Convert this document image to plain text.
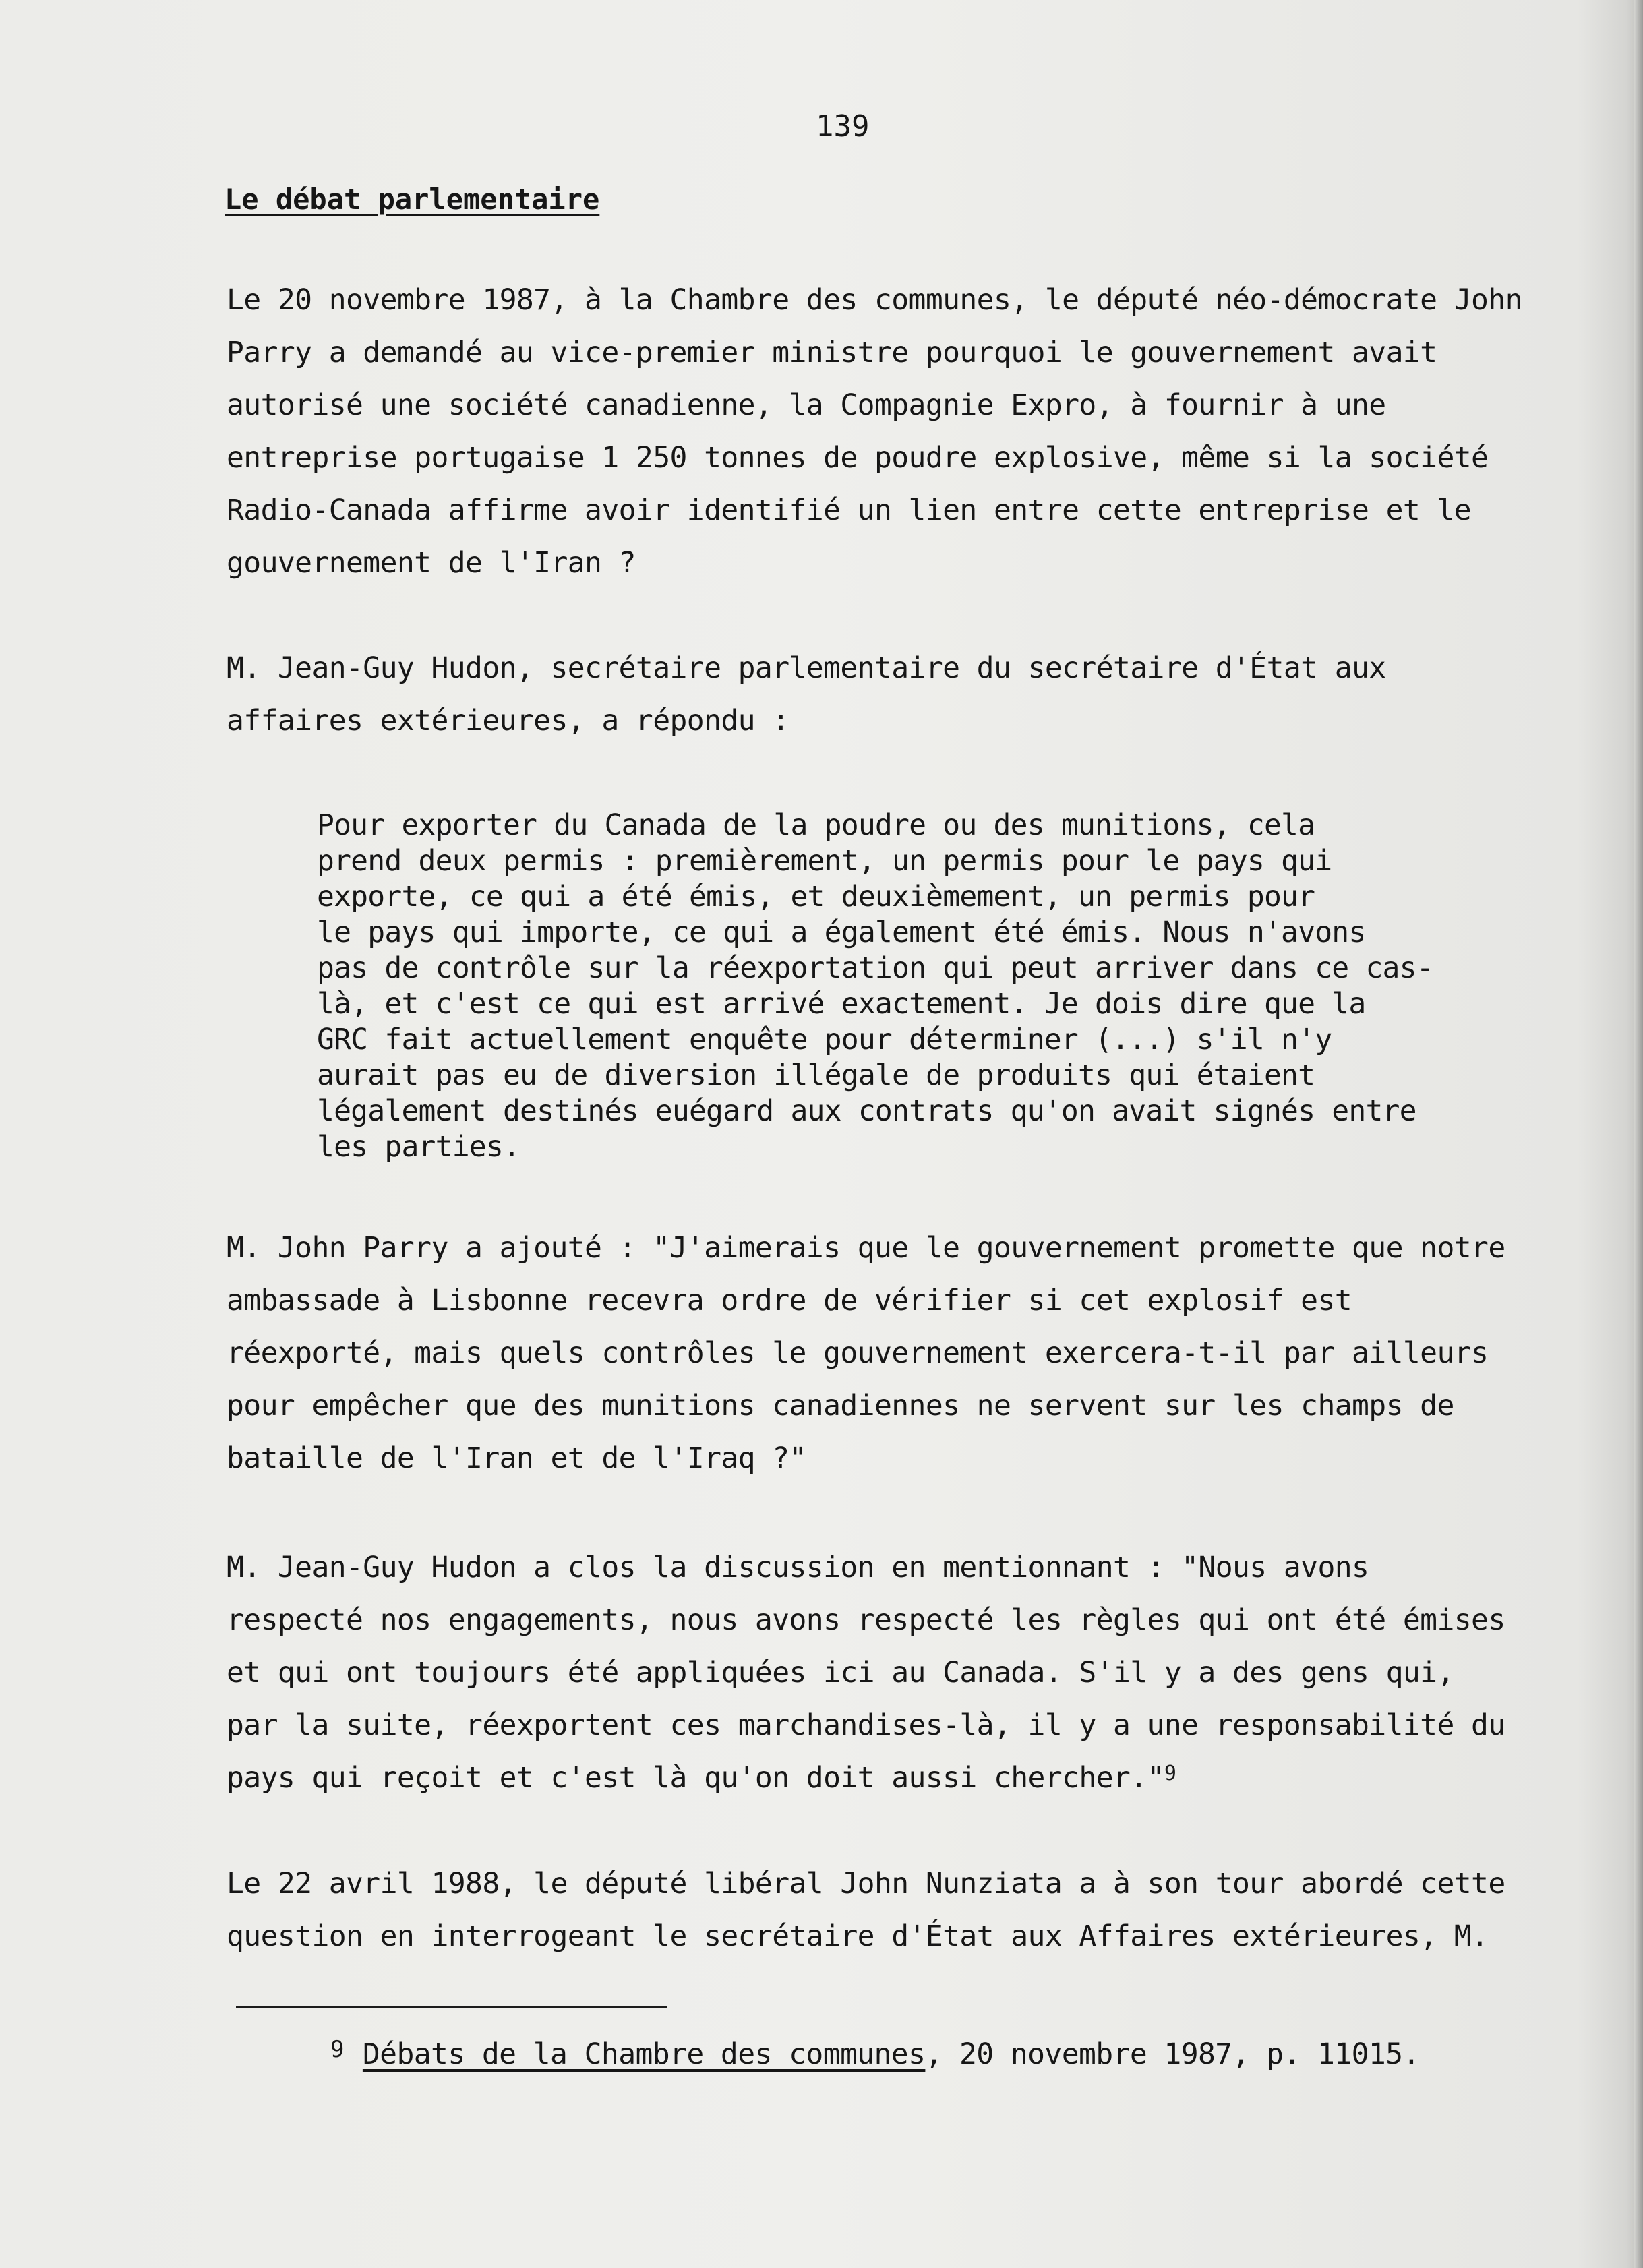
139
Le débat parlementaire
Le 20 novembre 1987, à la Chambre des communes, le député néo-démocrate John
Parry a demandé au vice-premier ministre pourquoi le gouvernement avait
autorisé une société canadienne, la Compagnie Expro, à fournir à une
entreprise portugaise 1 250 tonnes de poudre explosive, même si la société
Radio-Canada affirme avoir identifié un lien entre cette entreprise et le
gouvernement de l'Iran ?
M. Jean-Guy Hudon, secrétaire parlementaire du secrétaire d'État aux
affaires extérieures, a répondu :
Pour exporter du Canada de la poudre ou des munitions, cela
prend deux permis : premièrement, un permis pour le pays qui
exporte, ce qui a été émis, et deuxièmement, un permis pour
le pays qui importe, ce qui a également été émis. Nous n'avons
pas de contrôle sur la réexportation qui peut arriver dans ce cas-
là, et c'est ce qui est arrivé exactement. Je dois dire que la
GRC fait actuellement enquête pour déterminer (...) s'il n'y
aurait pas eu de diversion illégale de produits qui étaient
légalement destinés euégard aux contrats qu'on avait signés entre
les parties.
M. John Parry a ajouté : "J'aimerais que le gouvernement promette que notre
ambassade à Lisbonne recevra ordre de vérifier si cet explosif est
réexporté, mais quels contrôles le gouvernement exercera-t-il par ailleurs
pour empêcher que des munitions canadiennes ne servent sur les champs de
bataille de l'Iran et de l'Iraq ?"
M. Jean-Guy Hudon a clos la discussion en mentionnant : "Nous avons
respecté nos engagements, nous avons respecté les règles qui ont été émises
et qui ont toujours été appliquées ici au Canada. S'il y a des gens qui,
par la suite, réexportent ces marchandises-là, il y a une responsabilité du
pays qui reçoit et c'est là qu'on doit aussi chercher."$^9$
Le 22 avril 1988, le député libéral John Nunziata a à son tour abordé cette
question en interrogeant le secrétaire d'État aux Affaires extérieures, M.
$^9$ Débats de la Chambre des communes, 20 novembre 1987, p. 11015.
